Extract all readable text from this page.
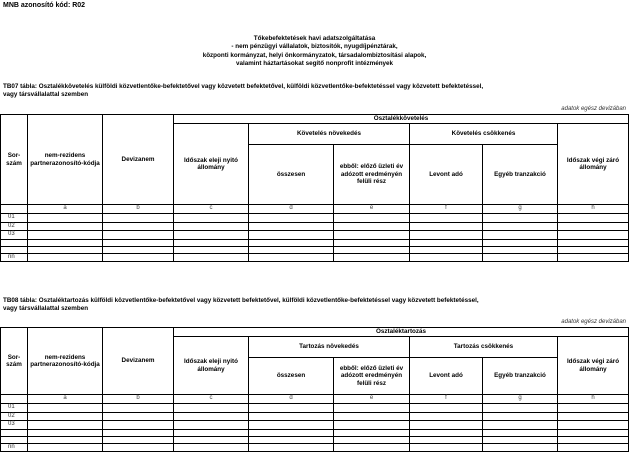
MNB azonosító kód: R02
Tőkebefektetések havi adatszolgáltatása
- nem pénzügyi vállalatok, biztosítók, nyugdíjpénztárak,
központi kormányzat, helyi önkormányzatok, társadalombiztosítási alapok,
valamint háztartásokat segítő nonprofit intézmények
TB07 tábla: Osztalékkövetelés külföldi közvetlentőke-befektetővel vagy közvetett befektetővel, külföldi közvetlentőke-befektetéssel vagy közvetett befektetéssel,
vagy társvállalattal szemben
adatok egész devizában
Sor-szám	nem-rezidens partnerazonosító-kódja	Devizanem	Osztalékkövetelés					
			Időszak eleji nyitó állomány	Követelés növekedés		Követelés csökkenés		Időszak végi záró állomány
				összesen	ebből: előző üzleti év adózott eredményén felüli rész	Levont adó	Egyéb tranzakció	
	a	b	c	d	e	f	g	h
01								
02								
03								

nn								
TB08 tábla: Osztaléktartozás külföldi közvetlentőke-befektetővel vagy közvetett befektetővel, külföldi közvetlentőke-befektetéssel vagy közvetett befektetéssel,
vagy társvállalattal szemben
adatok egész devizában
Sor-szám	nem-rezidens partnerazonosító-kódja	Devizanem	Osztaléktartozás					
			Időszak eleji nyitó állomány	Tartozás növekedés		Tartozás csökkenés		Időszak végi záró állomány
				összesen	ebből: előző üzleti év adózott eredményén felüli rész	Levont adó	Egyéb tranzakció	
	a	b	c	d	e	f	g	h
01								
02								
03								

nn								
